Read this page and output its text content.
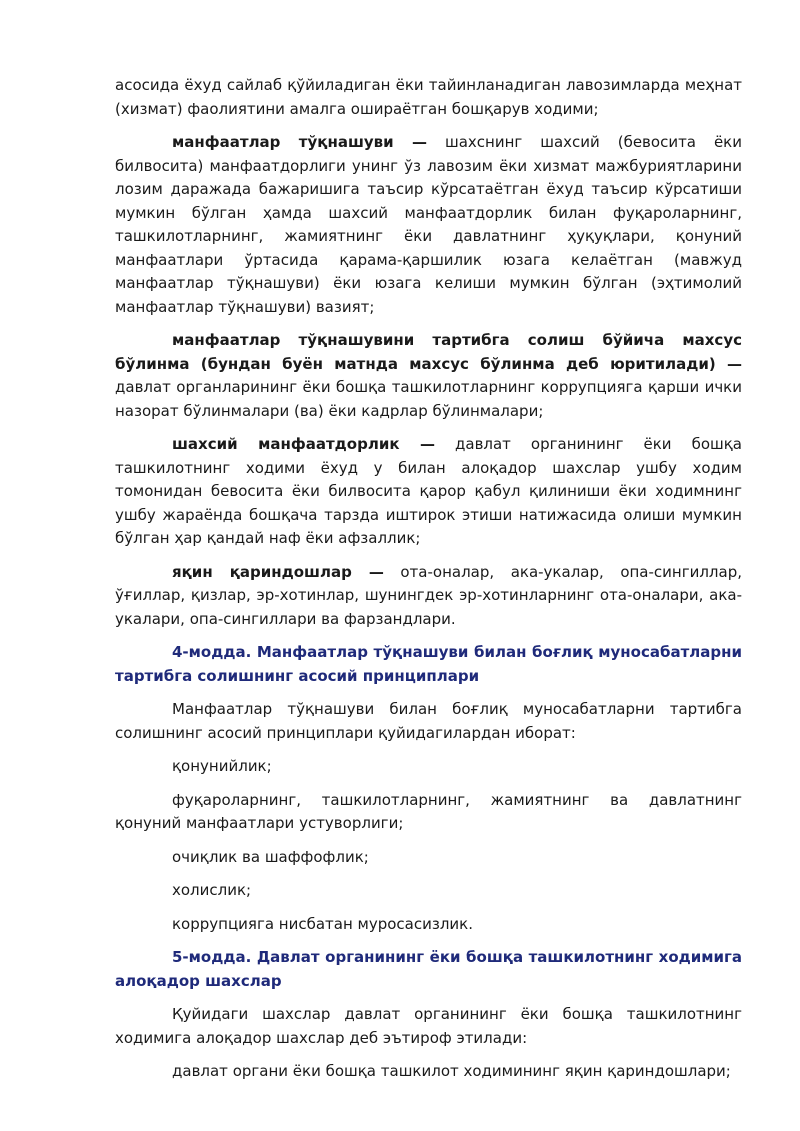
асосида ёхуд сайлаб қўйиладиган ёки тайинланадиган лавозимларда меҳнат (хизмат) фаолиятини амалга ошираётган бошқарув ходими;

манфаатлар тўқнашуви — шахснинг шахсий (бевосита ёки билвосита) манфаатдорлиги унинг ўз лавозим ёки хизмат мажбуриятларини лозим даражада бажаришига таъсир кўрсатаётган ёхуд таъсир кўрсатиши мумкин бўлган ҳамда шахсий манфаатдорлик билан фуқароларнинг, ташкилотларнинг, жамиятнинг ёки давлатнинг ҳуқуқлари, қонуний манфаатлари ўртасида қарама-қаршилик юзага келаётган (мавжуд манфаатлар тўқнашуви) ёки юзага келиши мумкин бўлган (эҳтимолий манфаатлар тўқнашуви) вазият;

манфаатлар тўқнашувини тартибга солиш бўйича махсус бўлинма (бундан буён матнда махсус бўлинма деб юритилади) — давлат органларининг ёки бошқа ташкилотларнинг коррупцияга қарши ички назорат бўлинмалари (ва) ёки кадрлар бўлинмалари;

шахсий манфаатдорлик — давлат органининг ёки бошқа ташкилотнинг ходими ёхуд у билан алоқадор шахслар ушбу ходим томонидан бевосита ёки билвосита қарор қабул қилиниши ёки ходимнинг ушбу жараёнда бошқача тарзда иштирок этиши натижасида олиши мумкин бўлган ҳар қандай наф ёки афзаллик;

яқин қариндошлар — ота-оналар, ака-укалар, опа-сингиллар, ўғиллар, қизлар, эр-хотинлар, шунингдек эр-хотинларнинг ота-оналари, ака-укалари, опа-сингиллари ва фарзандлари.

4-модда. Манфаатлар тўқнашуви билан боғлиқ муносабатларни тартибга солишнинг асосий принциплари

Манфаатлар тўқнашуви билан боғлиқ муносабатларни тартибга солишнинг асосий принциплари қуйидагилардан иборат:

қонунийлик;

фуқароларнинг, ташкилотларнинг, жамиятнинг ва давлатнинг қонуний манфаатлари устуворлиги;

очиқлик ва шаффофлик;

холислик;

коррупцияга нисбатан муросасизлик.

5-модда. Давлат органининг ёки бошқа ташкилотнинг ходимига алоқадор шахслар

Қуйидаги шахслар давлат органининг ёки бошқа ташкилотнинг ходимига алоқадор шахслар деб эътироф этилади:

давлат органи ёки бошқа ташкилот ходимининг яқин қариндошлари;
